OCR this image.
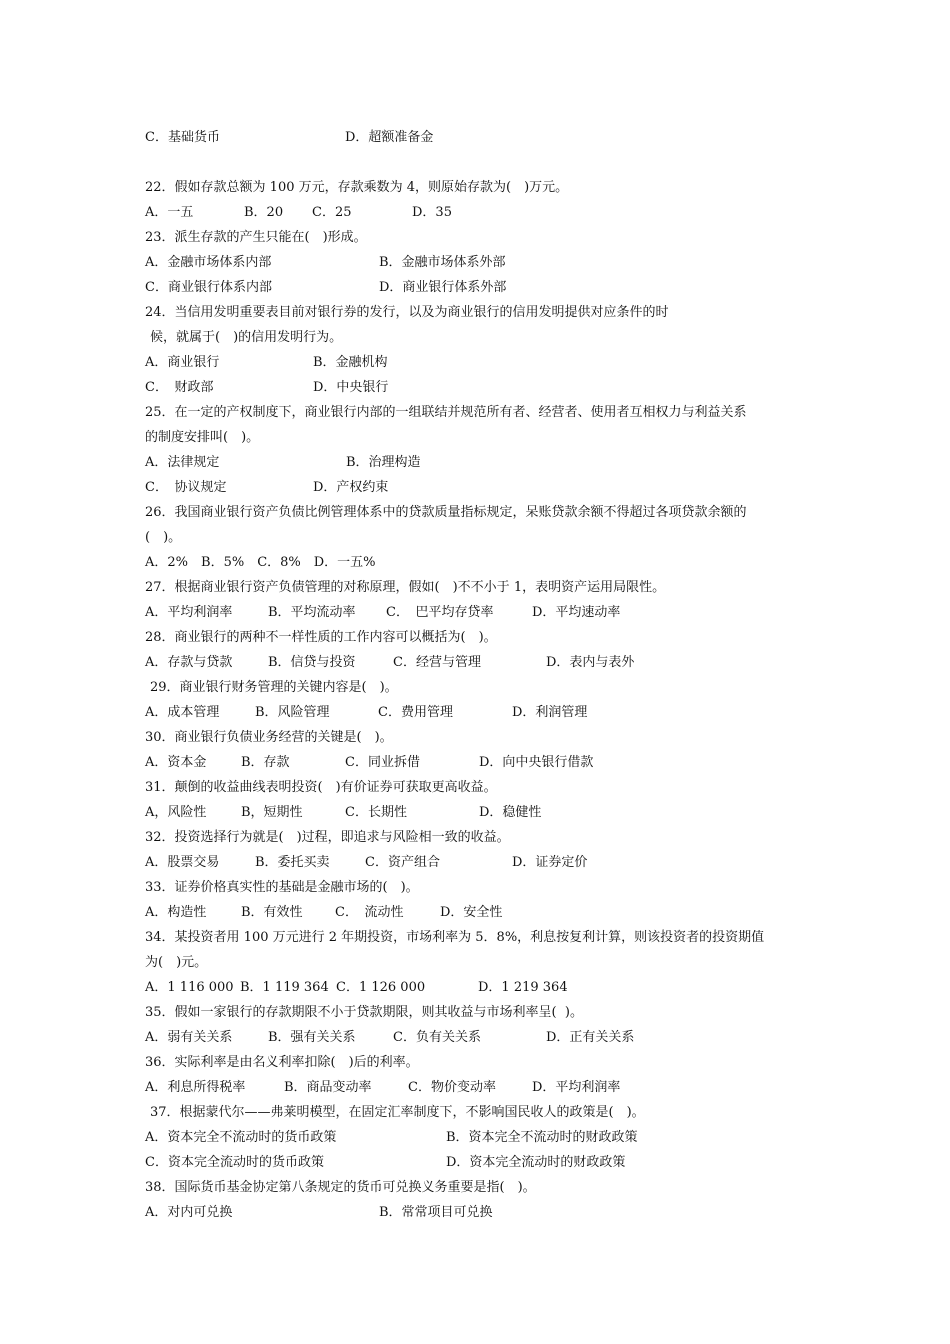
C．基础货币	D．超额准备金
22．假如存款总额为 100 万元，存款乘数为 4，则原始存款为(　)万元。
A．一五	B．20 C．25	D．35
23．派生存款的产生只能在(　)形成。
A．金融市场体系内部	B．金融市场体系外部
C．商业银行体系内部	D．商业银行体系外部
24．当信用发明重要表目前对银行券的发行，以及为商业银行的信用发明提供对应条件的时
候，就属于(　)的信用发明行为。
A．商业银行	B．金融机构
C．　财政部	D．中央银行
25．在一定的产权制度下，商业银行内部的一组联结并规范所有者、经营者、使用者互相权力与利益关系
的制度安排叫(　)。
A．法律规定	B．治理构造
C．　协议规定	D．产权约束
26．我国商业银行资产负债比例管理体系中的贷款质量指标规定，呆账贷款余额不得超过各项贷款余额的
(　)。
A．2%　B．5%　C．8%　D．一五%
27．根据商业银行资产负债管理的对称原理，假如(　)不不小于 1，表明资产运用局限性。
A．平均利润率	B．平均流动率 C．　巴平均存贷率	D．平均速动率
28．商业银行的两种不一样性质的工作内容可以概括为(　)。
A．存款与贷款	B．信贷与投资	C．经营与管理	D．表内与表外
29．商业银行财务管理的关键内容是(　)。
A．成本管理	B．风险管理	C．费用管理	D．利润管理
30．商业银行负债业务经营的关键是(　)。
A．资本金	B．存款	C．同业拆借	D．向中央银行借款
31．颠倒的收益曲线表明投资(　)有价证券可获取更高收益。
A，风险性	B，短期性	C．长期性	D．稳健性
32．投资选择行为就是(　)过程，即追求与风险相一致的收益。
A．股票交易	B．委托买卖	C．资产组合	D．证券定价
33．证券价格真实性的基础是金融市场的(　)。
A．构造性	B．有效性 C．　流动性	D．安全性
34．某投资者用 100 万元进行 2 年期投资，市场利率为 5．8%，利息按复利计算，则该投资者的投资期值
为(　)元。
A．1 116 000 B．1 119 364 C．1 126 000	D．1 219 364
35．假如一家银行的存款期限不小于贷款期限，则其收益与市场利率呈(  )。
A．弱有关关系	B．强有关关系	C．负有关关系	D．正有关关系
36．实际利率是由名义利率扣除(　)后的利率。
A．利息所得税率	B．商品变动率	C．物价变动率	D．平均利润率
37．根据蒙代尔——弗莱明模型，在固定汇率制度下，不影响国民收人的政策是(　)。
A．资本完全不流动时的货币政策	B．资本完全不流动时的财政政策
C．资本完全流动时的货币政策	D．资本完全流动时的财政政策
38．国际货币基金协定第八条规定的货币可兑换义务重要是指(　)。
A．对内可兑换	B．常常项目可兑换
